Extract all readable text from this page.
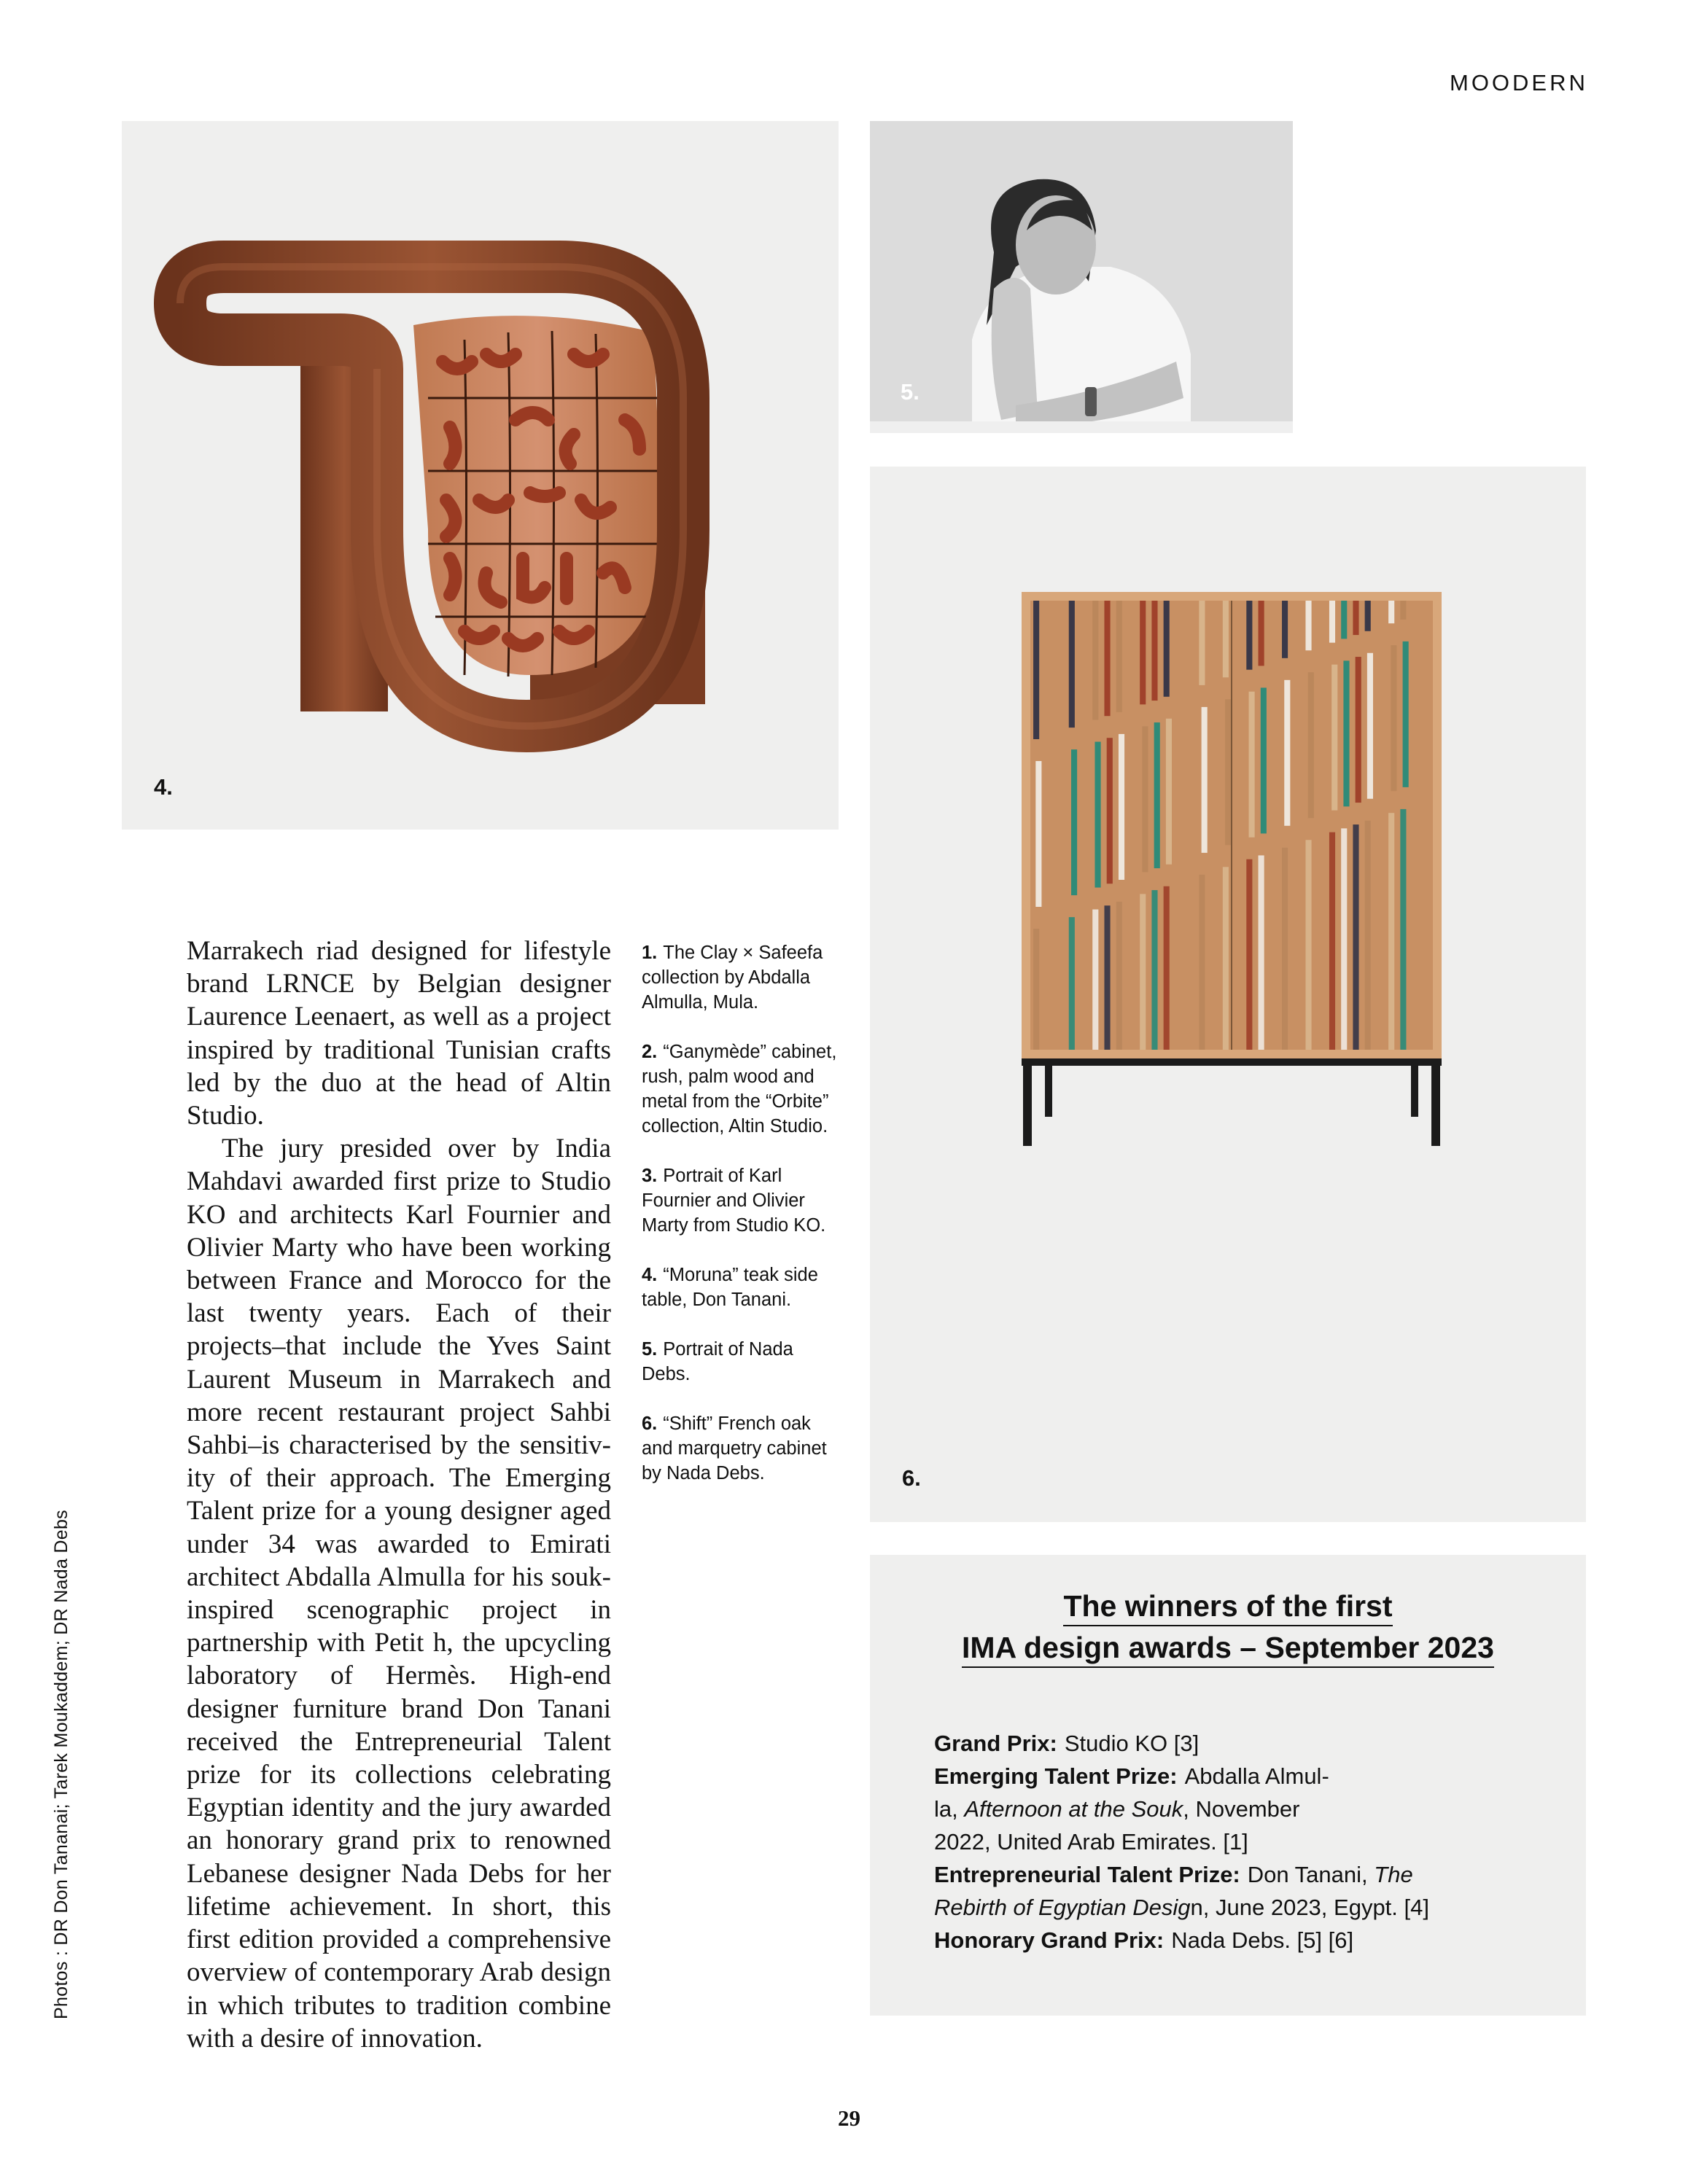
MOODERN
4.
5.
6.

Marrakech riad designed for lifestyle brand LRNCE by Belgian designer Laurence Leenaert, as well as a project inspired by traditional Tunisian crafts led by the duo at the head of Altin Studio.

The jury presided over by India Mahdavi awarded first prize to Studio KO and architects Karl Fournier and Olivier Marty who have been working between France and Morocco for the last twenty years. Each of their projects–that include the Yves Saint Laurent Museum in Marrakech and more recent restaurant project Sahbi Sahbi–is characterised by the sensitivity of their approach. The Emerging Talent prize for a young designer aged under 34 was awarded to Emirati architect Abdalla Almulla for his souk-inspired scenographic project in partnership with Petit h, the upcycling laboratory of Hermès. High-end designer furniture brand Don Tanani received the Entrepreneurial Talent prize for its collections celebrating Egyptian identity and the jury awarded an honorary grand prix to renowned Lebanese designer Nada Debs for her lifetime achievement. In short, this first edition provided a comprehensive overview of contemporary Arab design in which tributes to tradition combine with a desire of innovation.

1. The Clay × Safeefa collection by Abdalla Almulla, Mula.

2. “Ganymède” cabinet, rush, palm wood and metal from the “Orbite” collection, Altin Studio.

3. Portrait of Karl Fournier and Olivier Marty from Studio KO.

4. “Moruna” teak side table, Don Tanani.

5. Portrait of Nada Debs.

6. “Shift” French oak and marquetry cabinet by Nada Debs.

The winners of the first
IMA design awards – September 2023
Grand Prix: Studio KO [3]
Emerging Talent Prize: Abdalla Almul-
la, Afternoon at the Souk, November
2022, United Arab Emirates. [1]
Entrepreneurial Talent Prize: Don Tanani, The
Rebirth of Egyptian Design, June 2023, Egypt. [4]
Honorary Grand Prix: Nada Debs. [5] [6]
Photos : DR Don Tananai; Tarek Moukaddem; DR Nada Debs
29
